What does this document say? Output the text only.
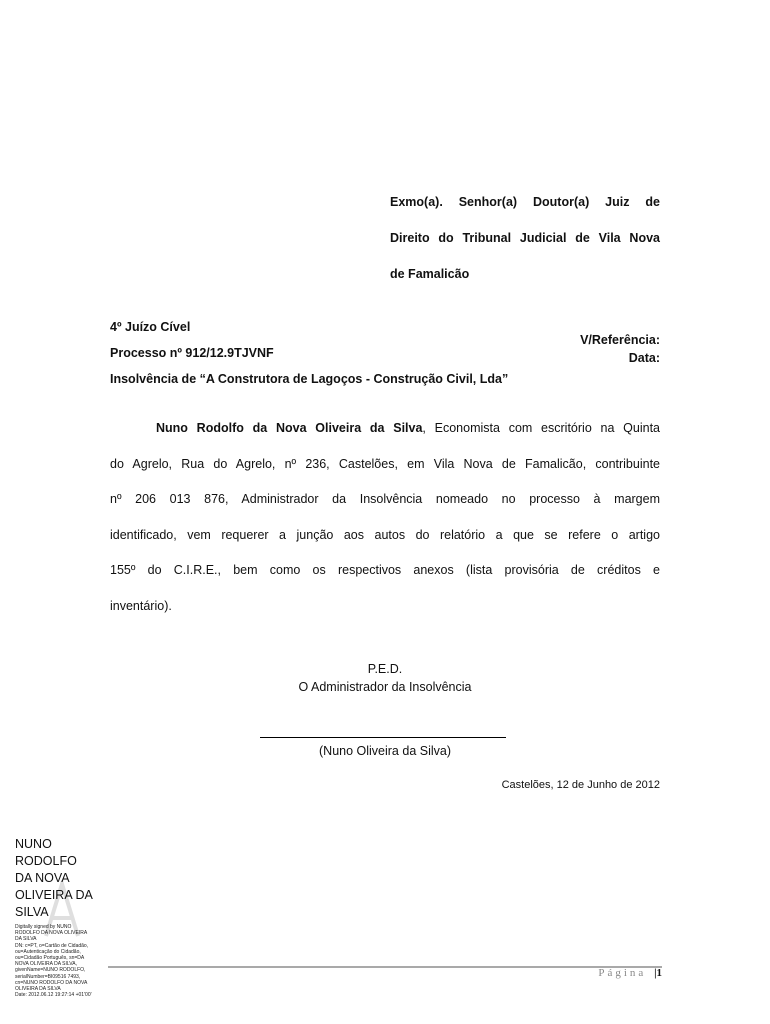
Exmo(a). Senhor(a) Doutor(a) Juiz de
Direito do Tribunal Judicial de Vila Nova
de Famalicão
4º Juízo Cível
Processo nº 912/12.9TJVNF
Insolvência de “A Construtora de Lagoços - Construção Civil, Lda”
V/Referência:
Data:
Nuno Rodolfo da Nova Oliveira da Silva, Economista com escritório na Quinta
do Agrelo, Rua do Agrelo, nº 236, Castelões, em Vila Nova de Famalicão, contribuinte
nº 206 013 876, Administrador da Insolvência nomeado no processo à margem
identificado, vem requerer a junção aos autos do relatório a que se refere o artigo
155º do C.I.R.E., bem como os respectivos anexos (lista provisória de créditos e
inventário).
P.E.D.
O Administrador da Insolvência
(Nuno Oliveira da Silva)
Castelões, 12 de Junho de 2012
NUNO
RODOLFO
DA NOVA
OLIVEIRA DA
SILVA
Digitally signed by NUNO
RODOLFO DA NOVA OLIVEIRA
DA SILVA
DN: c=PT, o=Cartão de Cidadão,
ou=Autenticação do Cidadão,
ou=Cidadão Português, sn=DA
NOVA OLIVEIRA DA SILVA,
givenName=NUNO RODOLFO,
serialNumber=BI09516 7493,
cn=NUNO RODOLFO DA NOVA
OLIVEIRA DA SILVA
Date: 2012.06.12 19:27:14 +01'00'
Página |1
